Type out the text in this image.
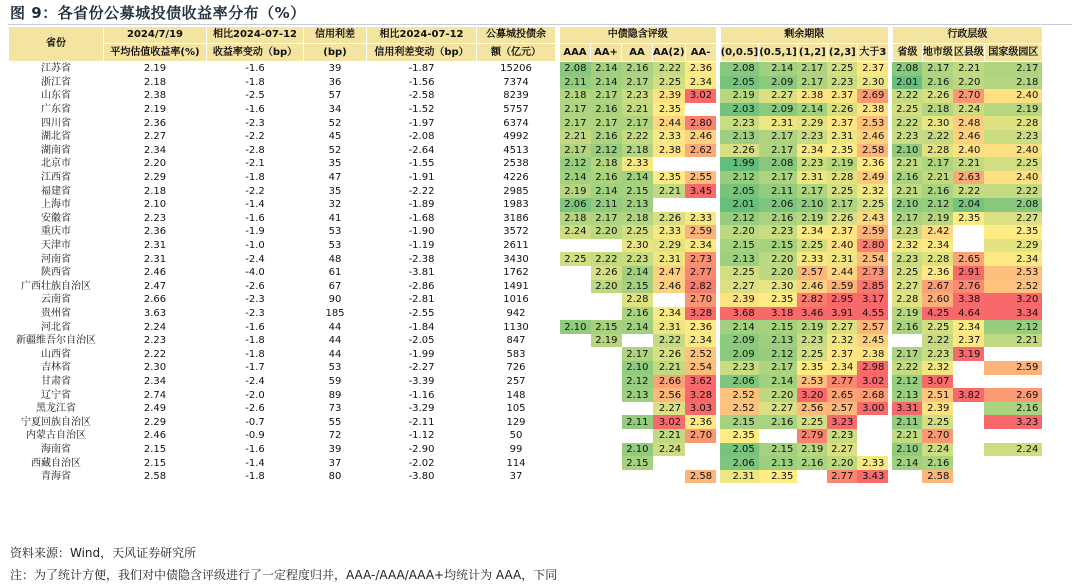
图 9：各省份公募城投债收益率分布（%）
省份	2024/7/19	相比2024-07-12	信用利差	相比2024-07-12	公募城投债余		中债隐含评级						剩余期限						行政层级			
	平均估值收益率(%)	收益率变动（bp）	(bp)	信用利差变动（bp）	额（亿元）		AAA	AA+	AA	AA(2)	AA-		(0,0.5]	(0.5,1]	(1,2]	(2,3]	大于3		省级	地市级	区县级	国家级园区
江苏省	2.19	-1.6	39	-1.87	15206		2.08	2.14	2.16	2.22	2.36		2.08	2.14	2.17	2.25	2.37		2.08	2.17	2.21	2.17
浙江省	2.18	-1.8	36	-1.56	7374		2.11	2.14	2.17	2.25	2.34		2.05	2.09	2.17	2.23	2.30		2.01	2.16	2.20	2.18
山东省	2.38	-2.5	57	-2.58	8239		2.18	2.17	2.23	2.39	3.02		2.19	2.27	2.38	2.37	2.69		2.22	2.26	2.70	2.40
广东省	2.19	-1.6	34	-1.52	5757		2.17	2.16	2.21	2.35			2.03	2.09	2.14	2.26	2.38		2.25	2.18	2.24	2.19
四川省	2.36	-2.3	52	-1.97	6374		2.17	2.17	2.17	2.44	2.80		2.23	2.31	2.29	2.37	2.53		2.22	2.30	2.48	2.28
湖北省	2.27	-2.2	45	-2.08	4992		2.21	2.16	2.22	2.33	2.46		2.13	2.17	2.23	2.31	2.46		2.23	2.22	2.46	2.23
湖南省	2.34	-2.8	52	-2.64	4513		2.17	2.12	2.18	2.38	2.62		2.26	2.17	2.34	2.35	2.58		2.10	2.28	2.40	2.40
北京市	2.20	-2.1	35	-1.55	2538		2.12	2.18	2.33				1.99	2.08	2.23	2.19	2.36		2.21	2.17	2.21	2.25
江西省	2.29	-1.8	47	-1.91	4226		2.14	2.16	2.14	2.35	2.55		2.12	2.17	2.31	2.28	2.49		2.16	2.21	2.63	2.40
福建省	2.18	-2.2	35	-2.22	2985		2.19	2.14	2.15	2.21	3.45		2.05	2.11	2.17	2.25	2.32		2.21	2.16	2.22	2.22
上海市	2.10	-1.4	32	-1.89	1983		2.06	2.11	2.13				2.01	2.06	2.10	2.17	2.25		2.10	2.12	2.04	2.08
安徽省	2.23	-1.6	41	-1.68	3186		2.18	2.17	2.18	2.26	2.33		2.12	2.16	2.19	2.26	2.43		2.17	2.19	2.35	2.27
重庆市	2.36	-1.9	53	-1.90	3572		2.24	2.20	2.25	2.33	2.59		2.20	2.23	2.34	2.37	2.59		2.23	2.42		2.35
天津市	2.31	-1.0	53	-1.19	2611				2.30	2.29	2.34		2.15	2.15	2.25	2.40	2.80		2.32	2.34		2.29
河南省	2.31	-2.4	48	-2.38	3430		2.25	2.22	2.23	2.31	2.73		2.13	2.20	2.33	2.31	2.54		2.23	2.28	2.65	2.34
陕西省	2.46	-4.0	61	-3.81	1762			2.26	2.14	2.47	2.77		2.25	2.20	2.57	2.44	2.73		2.25	2.36	2.91	2.53
广西壮族自治区	2.47	-2.6	67	-2.86	1491			2.20	2.15	2.46	2.82		2.27	2.30	2.46	2.59	2.85		2.27	2.67	2.76	2.52
云南省	2.66	-2.3	90	-2.81	1016				2.28		2.70		2.39	2.35	2.82	2.95	3.17		2.28	2.60	3.38	3.20
贵州省	3.63	-2.3	185	-2.55	942				2.16	2.34	3.28		3.68	3.18	3.46	3.91	4.55		2.19	4.25	4.64	3.34
河北省	2.24	-1.6	44	-1.84	1130		2.10	2.15	2.14	2.31	2.36		2.14	2.15	2.19	2.27	2.57		2.16	2.25	2.34	2.12
新疆维吾尔自治区	2.23	-1.8	44	-2.05	847			2.19		2.22	2.34		2.09	2.13	2.23	2.32	2.45			2.22	2.37	2.21
山西省	2.22	-1.8	44	-1.99	583				2.17	2.26	2.52		2.09	2.12	2.25	2.37	2.38		2.17	2.23	3.19	
吉林省	2.30	-1.7	53	-2.27	726				2.10	2.21	2.54		2.23	2.17	2.35	2.34	2.98		2.22	2.32		2.59
甘肃省	2.34	-2.4	59	-3.39	257				2.12	2.66	3.62		2.06	2.14	2.53	2.77	3.02		2.12	3.07		
辽宁省	2.74	-2.0	89	-1.16	148				2.13	2.56	3.28		2.52	2.20	3.20	2.65	2.68		2.13	2.51	3.82	2.69
黑龙江省	2.49	-2.6	73	-3.29	105					2.27	3.03		2.52	2.27	2.56	2.57	3.00		3.31	2.39		2.16
宁夏回族自治区	2.29	-0.7	55	-2.11	129				2.11	3.02	2.36		2.15	2.16	2.25	3.23			2.11	2.25		3.23
内蒙古自治区	2.46	-0.9	72	-1.12	50					2.21	2.70		2.35		2.79	2.23			2.21	2.70		
海南省	2.15	-1.6	39	-2.90	99				2.10	2.24			2.05	2.15	2.19	2.27			2.10	2.24		2.24
西藏自治区	2.15	-1.4	37	-2.02	114				2.15				2.06	2.13	2.16	2.20	2.33		2.14	2.16		
青海省	2.58	-1.8	80	-3.80	37						2.58		2.31	2.35		2.77	3.43			2.58		
资料来源：Wind，天风证券研究所
注：为了统计方便，我们对中债隐含评级进行了一定程度归并，AAA-/AAA/AAA+均统计为 AAA，下同
